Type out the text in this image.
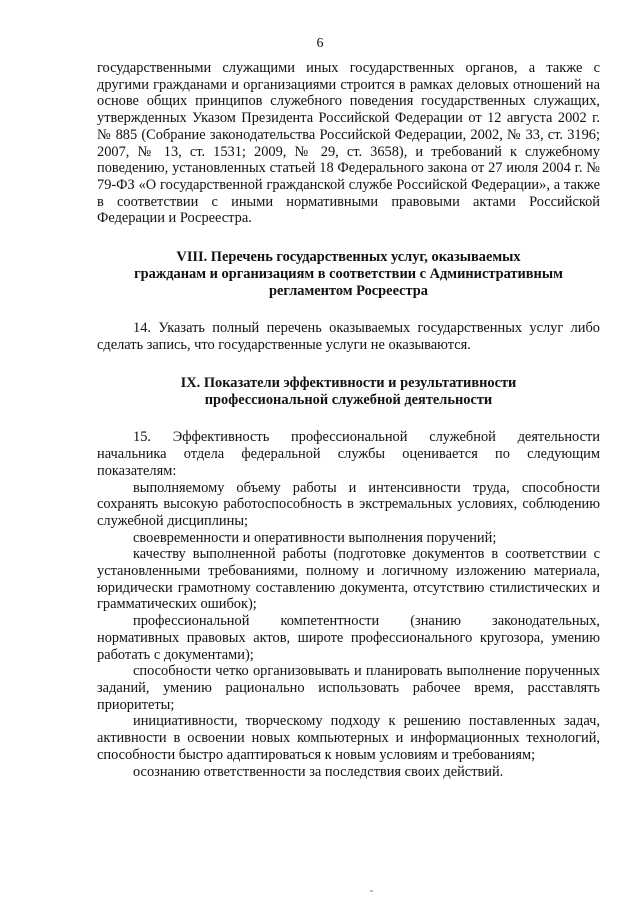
6

государственными служащими иных государственных органов, а также с другими гражданами и организациями строится в рамках деловых отношений на основе общих принципов служебного поведения государственных служащих, утвержденных Указом Президента Российской Федерации от 12 августа 2002 г. № 885 (Собрание законодательства Российской Федерации, 2002, № 33, ст. 3196; 2007, № 13, ст. 1531; 2009, № 29, ст. 3658), и требований к служебному поведению, установленных статьей 18 Федерального закона от 27 июля 2004 г. № 79-ФЗ «О государственной гражданской службе Российской Федерации», а также в соответствии с иными нормативными правовыми актами Российской Федерации и Росреестра.

VIII. Перечень государственных услуг, оказываемых
гражданам и организациям в соответствии с Административным
регламентом Росреестра

14. Указать полный перечень оказываемых государственных услуг либо сделать запись, что государственные услуги не оказываются.

IX. Показатели эффективности и результативности
профессиональной служебной деятельности

15. Эффективность профессиональной служебной деятельности начальника отдела федеральной службы оценивается по следующим показателям:

выполняемому объему работы и интенсивности труда, способности сохранять высокую работоспособность в экстремальных условиях, соблюдению служебной дисциплины;

своевременности и оперативности выполнения поручений;

качеству выполненной работы (подготовке документов в соответствии с установленными требованиями, полному и логичному изложению материала, юридически грамотному составлению документа, отсутствию стилистических и грамматических ошибок);

профессиональной компетентности (знанию законодательных, нормативных правовых актов, широте профессионального кругозора, умению работать с документами);

способности четко организовывать и планировать выполнение порученных заданий, умению рационально использовать рабочее время, расставлять приоритеты;

инициативности, творческому подходу к решению поставленных задач, активности в освоении новых компьютерных и информационных технологий, способности быстро адаптироваться к новым условиям и требованиям;

осознанию ответственности за последствия своих действий.
